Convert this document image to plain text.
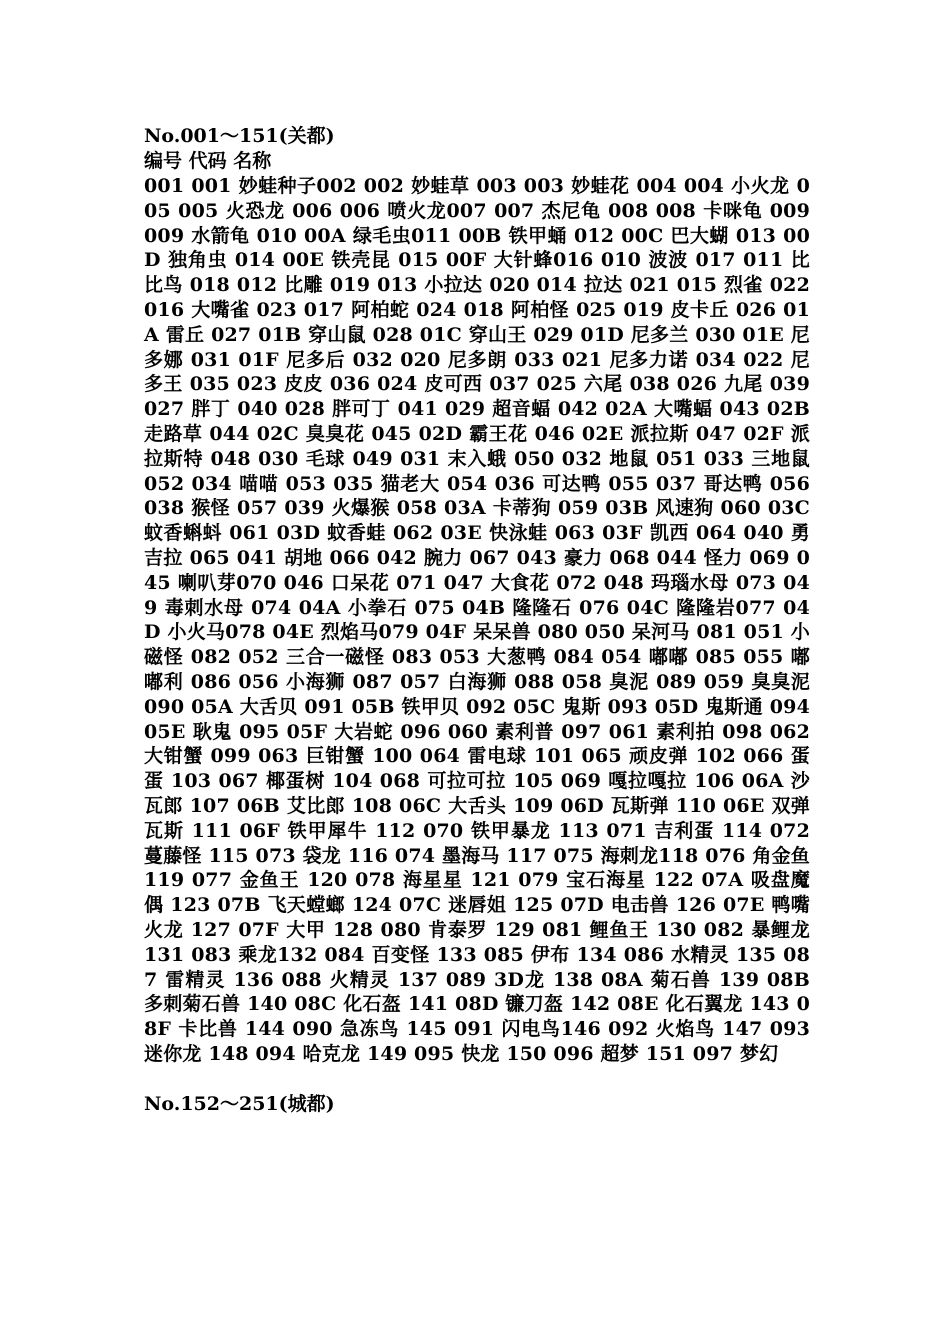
No.001～151(关都)
编号 代码 名称
001 001 妙蛙种子002 002 妙蛙草 003 003 妙蛙花 004 004 小火龙 005 005 火恐龙 006 006 喷火龙007 007 杰尼龟 008 008 卡咪龟 009 009 水箭龟 010 00A 绿毛虫011 00B 铁甲蛹 012 00C 巴大蝴 013 00D 独角虫 014 00E 铁壳昆 015 00F 大针蜂016 010 波波 017 011 比比鸟 018 012 比雕 019 013 小拉达 020 014 拉达 021 015 烈雀 022 016 大嘴雀 023 017 阿柏蛇 024 018 阿柏怪 025 019 皮卡丘 026 01A 雷丘 027 01B 穿山鼠 028 01C 穿山王 029 01D 尼多兰 030 01E 尼多娜 031 01F 尼多后 032 020 尼多朗 033 021 尼多力诺 034 022 尼多王 035 023 皮皮 036 024 皮可西 037 025 六尾 038 026 九尾 039 027 胖丁 040 028 胖可丁 041 029 超音蝠 042 02A 大嘴蝠 043 02B 走路草 044 02C 臭臭花 045 02D 霸王花 046 02E 派拉斯 047 02F 派拉斯特 048 030 毛球 049 031 末入蛾 050 032 地鼠 051 033 三地鼠 052 034 喵喵 053 035 猫老大 054 036 可达鸭 055 037 哥达鸭 056 038 猴怪 057 039 火爆猴 058 03A 卡蒂狗 059 03B 风速狗 060 03C 蚊香蝌蚪 061 03D 蚊香蛙 062 03E 快泳蛙 063 03F 凯西 064 040 勇吉拉 065 041 胡地 066 042 腕力 067 043 豪力 068 044 怪力 069 045 喇叭芽070 046 口呆花 071 047 大食花 072 048 玛瑙水母 073 049 毒刺水母 074 04A 小拳石 075 04B 隆隆石 076 04C 隆隆岩077 04D 小火马078 04E 烈焰马079 04F 呆呆兽 080 050 呆河马 081 051 小磁怪 082 052 三合一磁怪 083 053 大葱鸭 084 054 嘟嘟 085 055 嘟嘟利 086 056 小海狮 087 057 白海狮 088 058 臭泥 089 059 臭臭泥 090 05A 大舌贝 091 05B 铁甲贝 092 05C 鬼斯 093 05D 鬼斯通 094 05E 耿鬼 095 05F 大岩蛇 096 060 素利普 097 061 素利拍 098 062 大钳蟹 099 063 巨钳蟹 100 064 雷电球 101 065 顽皮弹 102 066 蛋蛋 103 067 椰蛋树 104 068 可拉可拉 105 069 嘎拉嘎拉 106 06A 沙瓦郎 107 06B 艾比郎 108 06C 大舌头 109 06D 瓦斯弹 110 06E 双弹瓦斯 111 06F 铁甲犀牛 112 070 铁甲暴龙 113 071 吉利蛋 114 072 蔓藤怪 115 073 袋龙 116 074 墨海马 117 075 海刺龙118 076 角金鱼 119 077 金鱼王 120 078 海星星 121 079 宝石海星 122 07A 吸盘魔偶 123 07B 飞天螳螂 124 07C 迷唇姐 125 07D 电击兽 126 07E 鸭嘴火龙 127 07F 大甲 128 080 肯泰罗 129 081 鲤鱼王 130 082 暴鲤龙 131 083 乘龙132 084 百变怪 133 085 伊布 134 086 水精灵 135 087 雷精灵 136 088 火精灵 137 089 3D龙 138 08A 菊石兽 139 08B 多刺菊石兽 140 08C 化石盔 141 08D 镰刀盔 142 08E 化石翼龙 143 08F 卡比兽 144 090 急冻鸟 145 091 闪电鸟146 092 火焰鸟 147 093 迷你龙 148 094 哈克龙 149 095 快龙 150 096 超梦 151 097 梦幻
No.152～251(城都)
